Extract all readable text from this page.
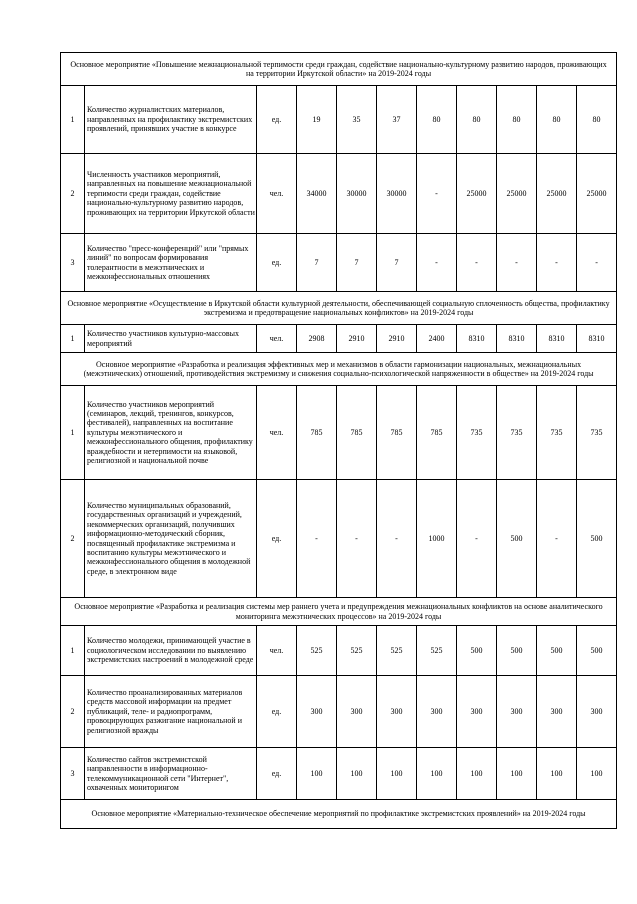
Основное мероприятие «Повышение межнациональной терпимости среди граждан, содействие национально-культурному развитию народов, проживающих на территории Иркутской области» на 2019-2024 годы										
1	Количество журналистских материалов, направленных на профилактику экстремистских проявлений, принявших участие в конкурсе	ед.	19	35	37	80	80	80	80	80
2	Численность участников мероприятий, направленных на повышение межнациональной терпимости среди граждан, содействие национально-культурному развитию народов, проживающих на территории Иркутской области	чел.	34000	30000	30000	-	25000	25000	25000	25000
3	Количество "пресс-конференций" или "прямых линий" по вопросам формирования толерантности в межэтнических и межконфессиональных отношениях	ед.	7	7	7	-	-	-	-	-
Основное мероприятие «Осуществление в Иркутской области культурной деятельности, обеспечивающей социальную сплоченность общества, профилактику экстремизма и предотвращение национальных конфликтов» на 2019-2024 годы										
1	Количество участников культурно-массовых мероприятий	чел.	2908	2910	2910	2400	8310	8310	8310	8310
Основное мероприятие «Разработка и реализация эффективных мер и механизмов в области гармонизации национальных, межнациональных (межэтнических) отношений, противодействия экстремизму и снижения социально-психологической напряженности в обществе» на 2019-2024 годы										
1	Количество участников мероприятий (семинаров, лекций, тренингов, конкурсов, фестивалей), направленных на воспитание культуры межэтнического и межконфессионального общения, профилактику враждебности и нетерпимости на языковой, религиозной и национальной почве	чел.	785	785	785	785	735	735	735	735
2	Количество муниципальных образований, государственных организаций и учреждений, некоммерческих организаций, получивших информационно-методический сборник, посвященный профилактике экстремизма и воспитанию культуры межэтнического и межконфессионального общения в молодежной среде, в электронном виде	ед.	-	-	-	1000	-	500	-	500
Основное мероприятие «Разработка и реализация системы мер раннего учета и предупреждения межнациональных конфликтов на основе аналитического мониторинга межэтнических процессов» на 2019-2024 годы										
1	Количество молодежи, принимающей участие в социологическом исследовании по выявлению экстремистских настроений в молодежной среде	чел.	525	525	525	525	500	500	500	500
2	Количество проанализированных материалов средств массовой информации на предмет публикаций, теле- и радиопрограмм, провоцирующих разжигание национальной и религиозной вражды	ед.	300	300	300	300	300	300	300	300
3	Количество сайтов экстремистской направленности в информационно-телекоммуникационной сети "Интернет", охваченных мониторингом	ед.	100	100	100	100	100	100	100	100
Основное мероприятие «Материально-техническое обеспечение мероприятий по профилактике экстремистских проявлений» на 2019-2024 годы										
